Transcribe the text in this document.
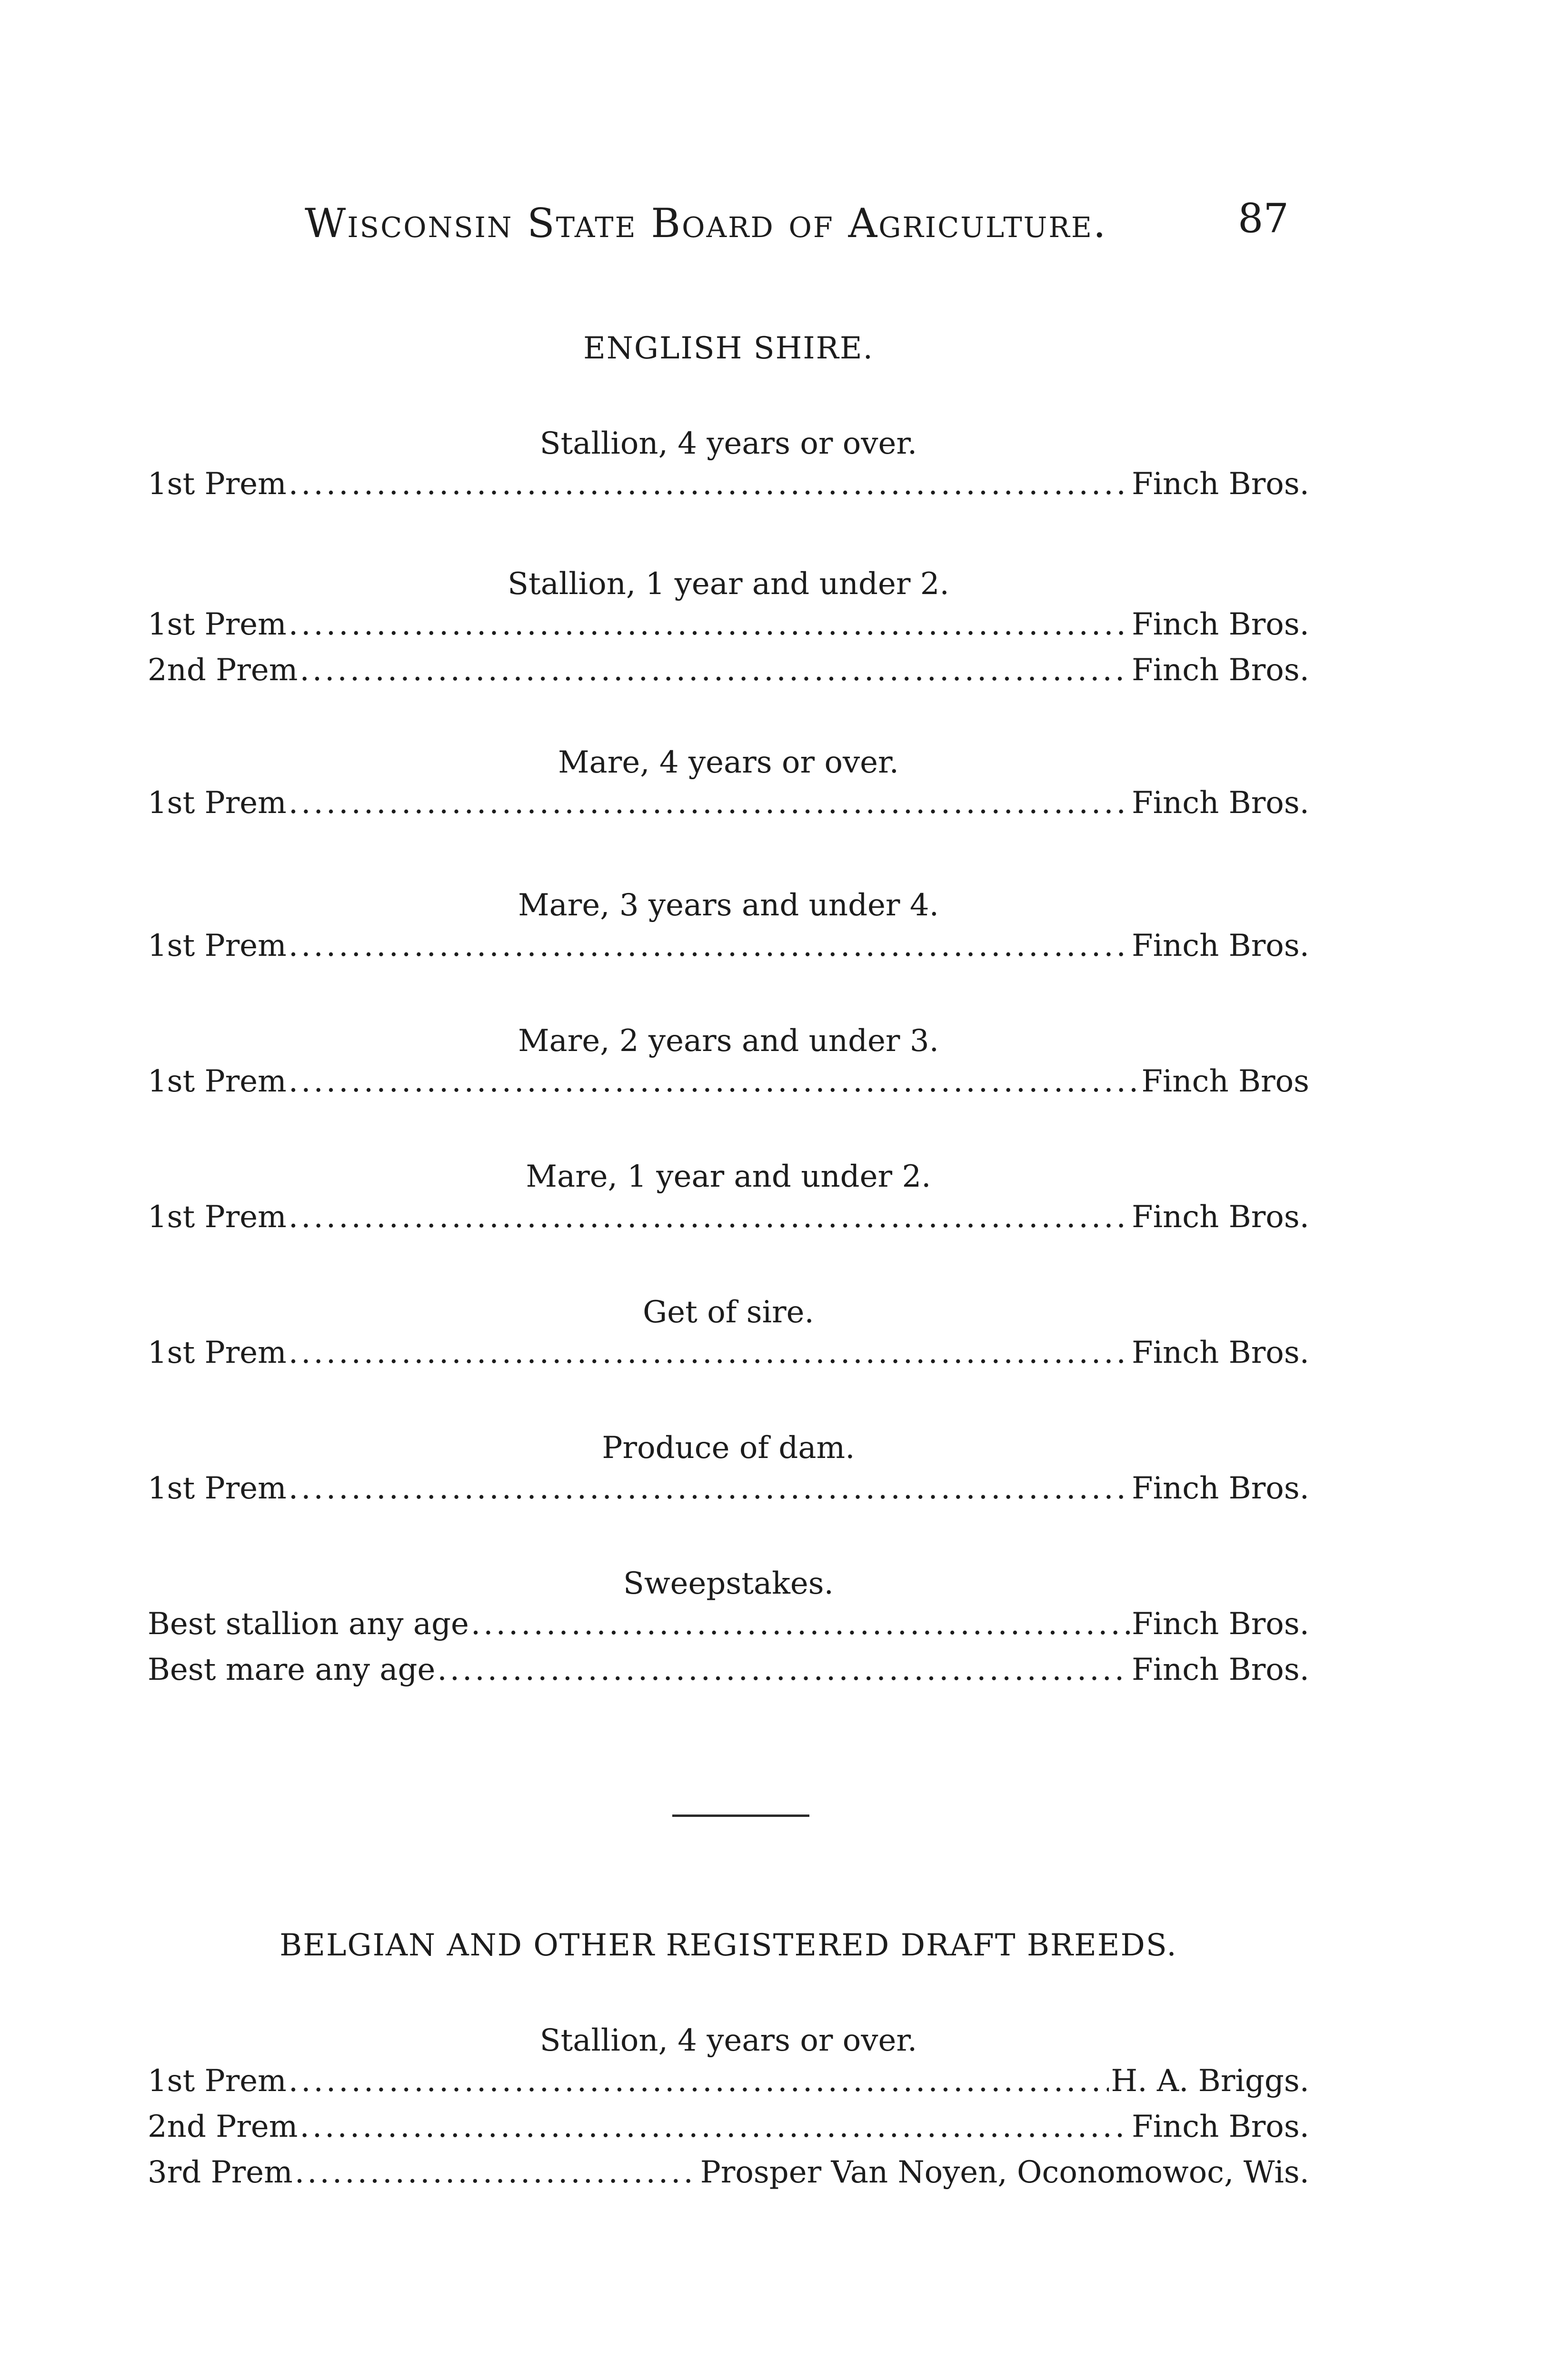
Wisconsin State Board of Agriculture.	87
ENGLISH SHIRE.
Stallion, 4 years or over.
1st Prem .....	Finch Bros.
Stallion, 1 year and under 2.
1st Prem .....	Finch Bros.
2nd Prem .....	Finch Bros.
Mare, 4 years or over.
1st Prem .....	Finch Bros.
Mare, 3 years and under 4.
1st Prem .....	Finch Bros.
Mare, 2 years and under 3.
1st Prem .....	Finch Bros
Mare, 1 year and under 2.
1st Prem .....	Finch Bros.
Get of sire.
1st Prem .....	Finch Bros.
Produce of dam.
1st Prem .....	Finch Bros.
Sweepstakes.
Best stallion any age .....	Finch Bros.
Best mare any age .....	Finch Bros.
BELGIAN AND OTHER REGISTERED DRAFT BREEDS.
Stallion, 4 years or over.
1st Prem .....	H. A. Briggs.
2nd Prem .....	Finch Bros.
3rd Prem .....	Prosper Van Noyen, Oconomowoc, Wis.
